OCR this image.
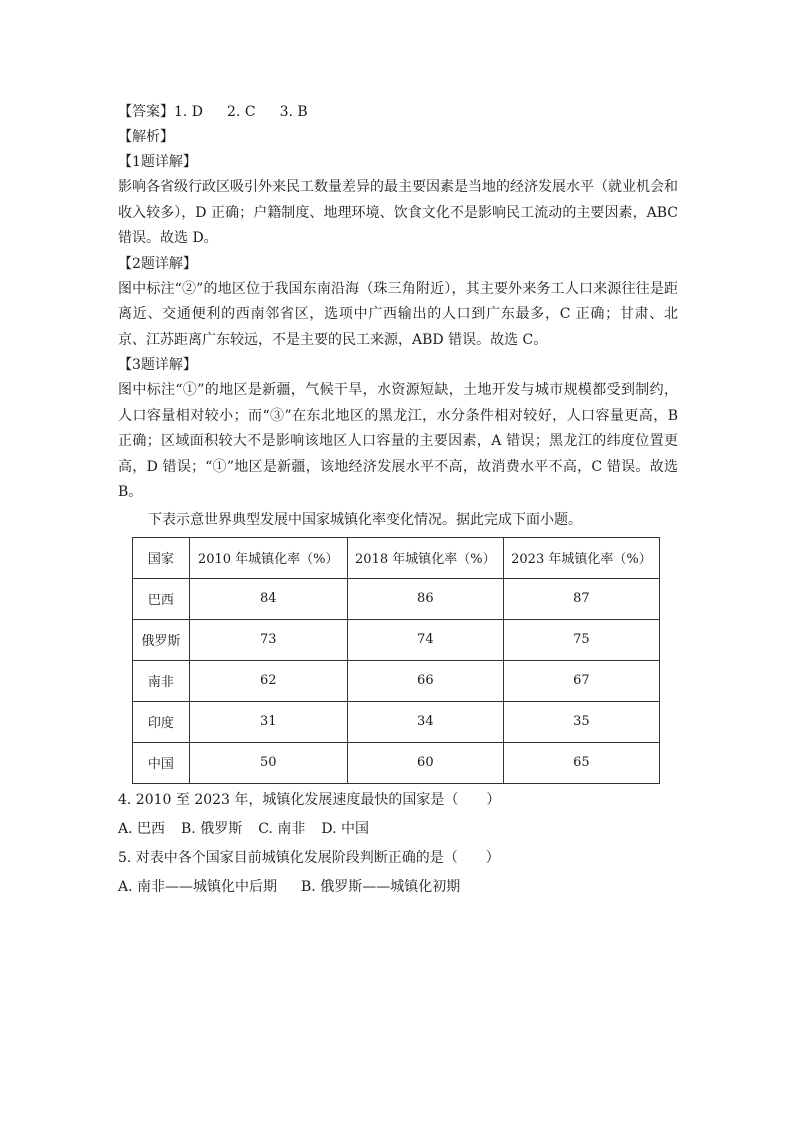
【答案】1. D 2. C 3. B
【解析】
【1题详解】

影响各省级行政区吸引外来民工数量差异的最主要因素是当地的经济发展水平（就业机会和收入较多），D 正确；户籍制度、地理环境、饮食文化不是影响民工流动的主要因素，ABC 错误。故选 D。

【2题详解】

图中标注“②”的地区位于我国东南沿海（珠三角附近），其主要外来务工人口来源往往是距离近、交通便利的西南邻省区，选项中广西输出的人口到广东最多，C 正确；甘肃、北京、江苏距离广东较远，不是主要的民工来源，ABD 错误。故选 C。

【3题详解】

图中标注“①”的地区是新疆，气候干旱，水资源短缺，土地开发与城市规模都受到制约，人口容量相对较小；而“③”在东北地区的黑龙江，水分条件相对较好，人口容量更高，B 正确；区域面积较大不是影响该地区人口容量的主要因素，A 错误；黑龙江的纬度位置更高，D 错误；“①”地区是新疆，该地经济发展水平不高，故消费水平不高，C 错误。故选 B。

下表示意世界典型发展中国家城镇化率变化情况。据此完成下面小题。

国家	2010 年城镇化率（%）	2018 年城镇化率（%）	2023 年城镇化率（%）
巴西	84	86	87
俄罗斯	73	74	75
南非	62	66	67
印度	31	34	35
中国	50	60	65
4. 2010 至 2023 年，城镇化发展速度最快的国家是（　　）
A. 巴西 B. 俄罗斯 C. 南非 D. 中国
5. 对表中各个国家目前城镇化发展阶段判断正确的是（　　）
A. 南非——城镇化中后期 B. 俄罗斯——城镇化初期
